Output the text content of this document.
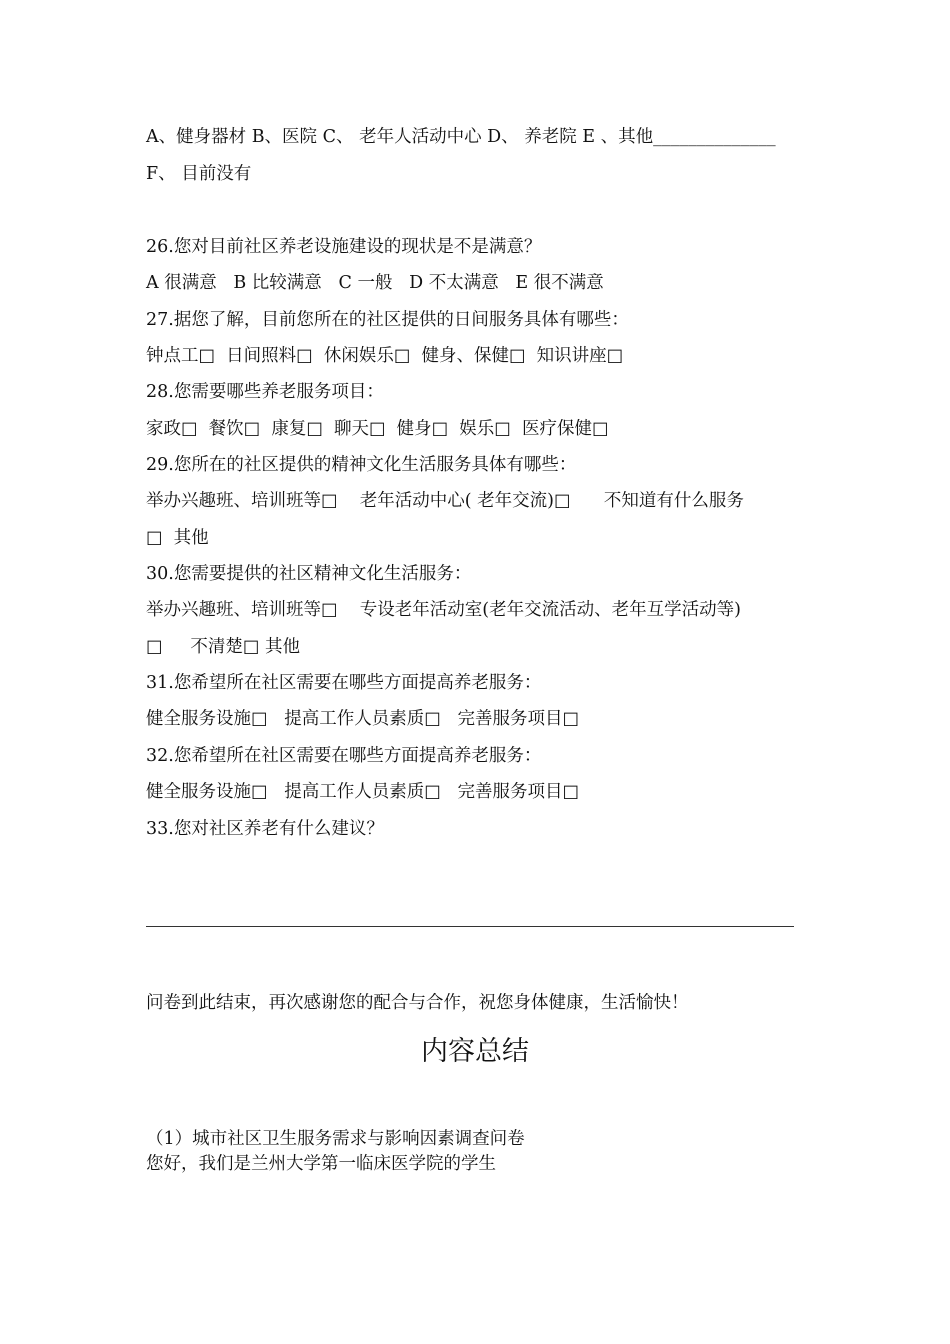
A、健身器材 B、医院 C、 老年人活动中心 D、 养老院 E 、其他______________
F、 目前没有
26.您对目前社区养老设施建设的现状是不是满意？
A 很满意   B 比较满意   C 一般   D 不太满意   E 很不满意
27.据您了解，目前您所在的社区提供的日间服务具体有哪些：
钟点工□  日间照料□  休闲娱乐□  健身、保健□  知识讲座□
28.您需要哪些养老服务项目：
家政□  餐饮□  康复□  聊天□  健身□  娱乐□  医疗保健□
29.您所在的社区提供的精神文化生活服务具体有哪些：
举办兴趣班、培训班等□    老年活动中心( 老年交流)□      不知道有什么服务
□  其他
30.您需要提供的社区精神文化生活服务：
举办兴趣班、培训班等□    专设老年活动室(老年交流活动、老年互学活动等)
□     不清楚□ 其他
31.您希望所在社区需要在哪些方面提高养老服务：
健全服务设施□   提高工作人员素质□   完善服务项目□
32.您希望所在社区需要在哪些方面提高养老服务：
健全服务设施□   提高工作人员素质□   完善服务项目□
33.您对社区养老有什么建议？
问卷到此结束，再次感谢您的配合与合作，祝您身体健康，生活愉快！
内容总结
（1）城市社区卫生服务需求与影响因素调查问卷
您好，我们是兰州大学第一临床医学院的学生
